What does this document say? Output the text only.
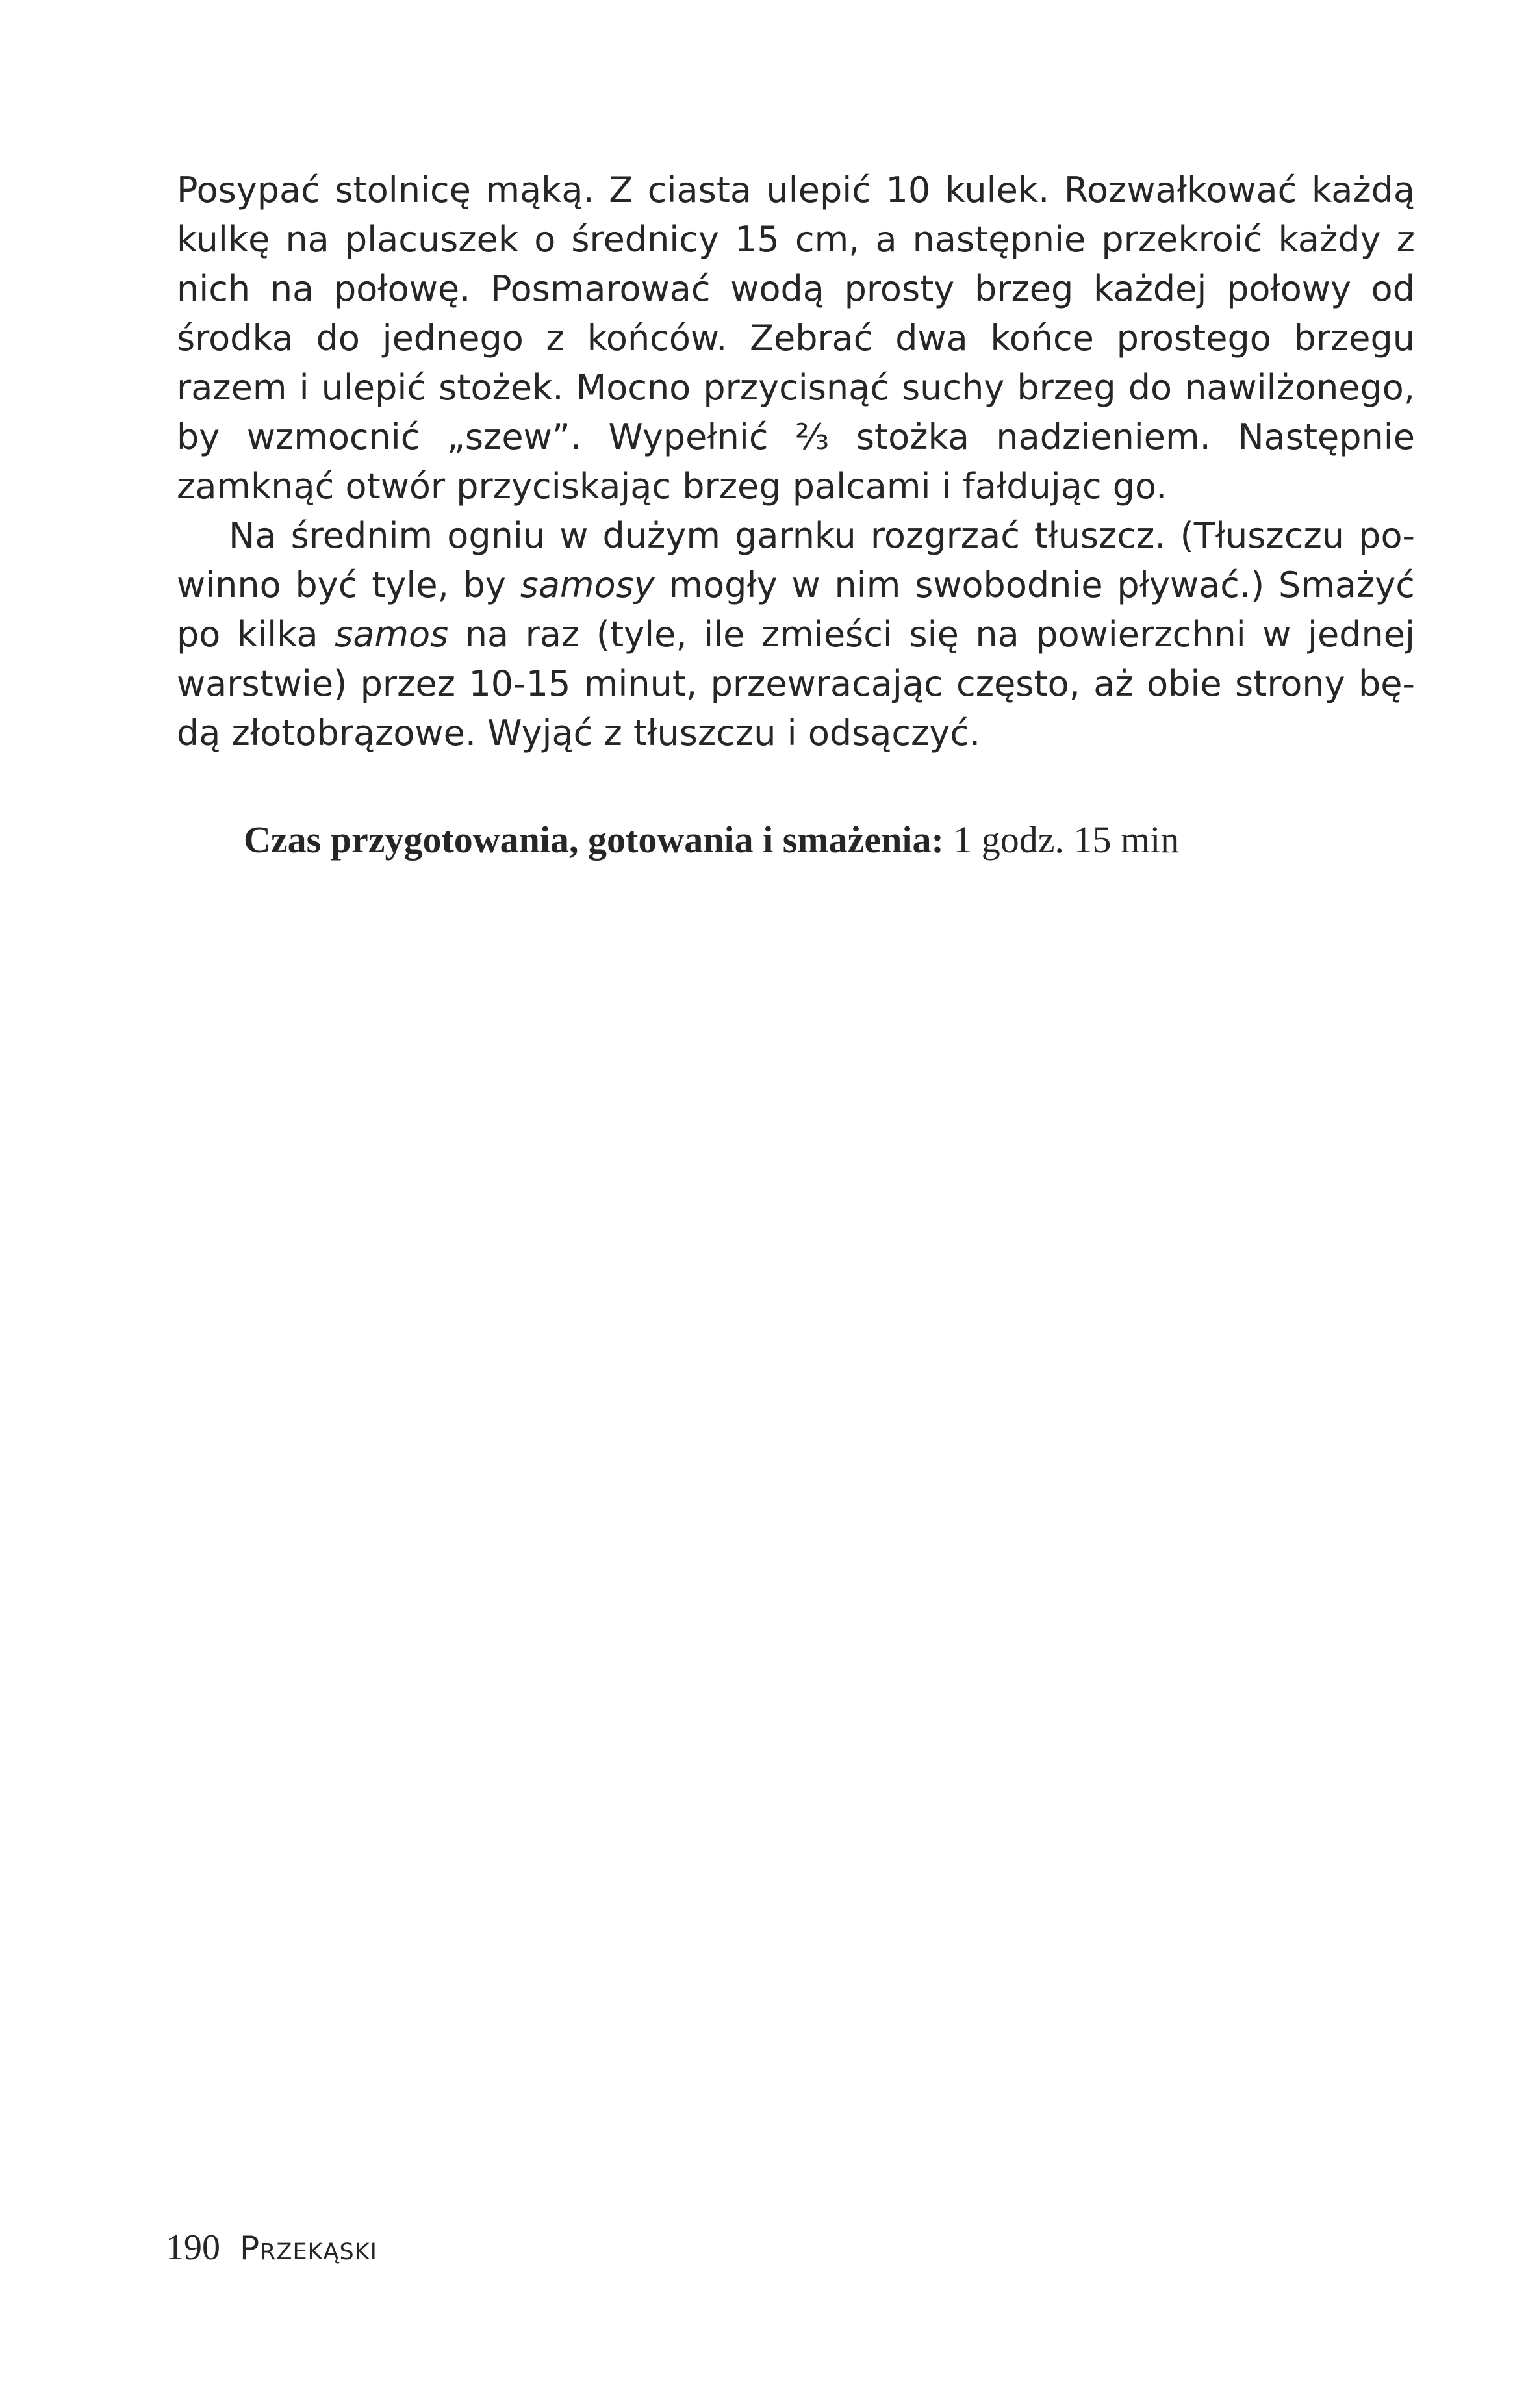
Posypać stolnicę mąką. Z ciasta ulepić 10 kulek. Rozwałkować każdą kulkę na placuszek o średnicy 15 cm, a następnie przekroić każdy z nich na połowę. Posmarować wodą prosty brzeg każdej połowy od środka do jednego z końców. Zebrać dwa końce prostego brzegu razem i ulepić stożek. Mocno przycisnąć suchy brzeg do nawilżonego, by wzmocnić „szew”. Wypełnić ⅔ stożka nadzieniem. Następnie zamknąć otwór przyciskając brzeg palcami i fałdując go.

Na średnim ogniu w dużym garnku rozgrzać tłuszcz. (Tłuszczu powinno być tyle, by samosy mogły w nim swobodnie pływać.) Smażyć po kilka samos na raz (tyle, ile zmieści się na powierzchni w jednej warstwie) przez 10-15 minut, przewracając często, aż obie strony będą złotobrązowe. Wyjąć z tłuszczu i odsączyć.

Czas przygotowania, gotowania i smażenia: 1 godz. 15 min
190 Przekąski
